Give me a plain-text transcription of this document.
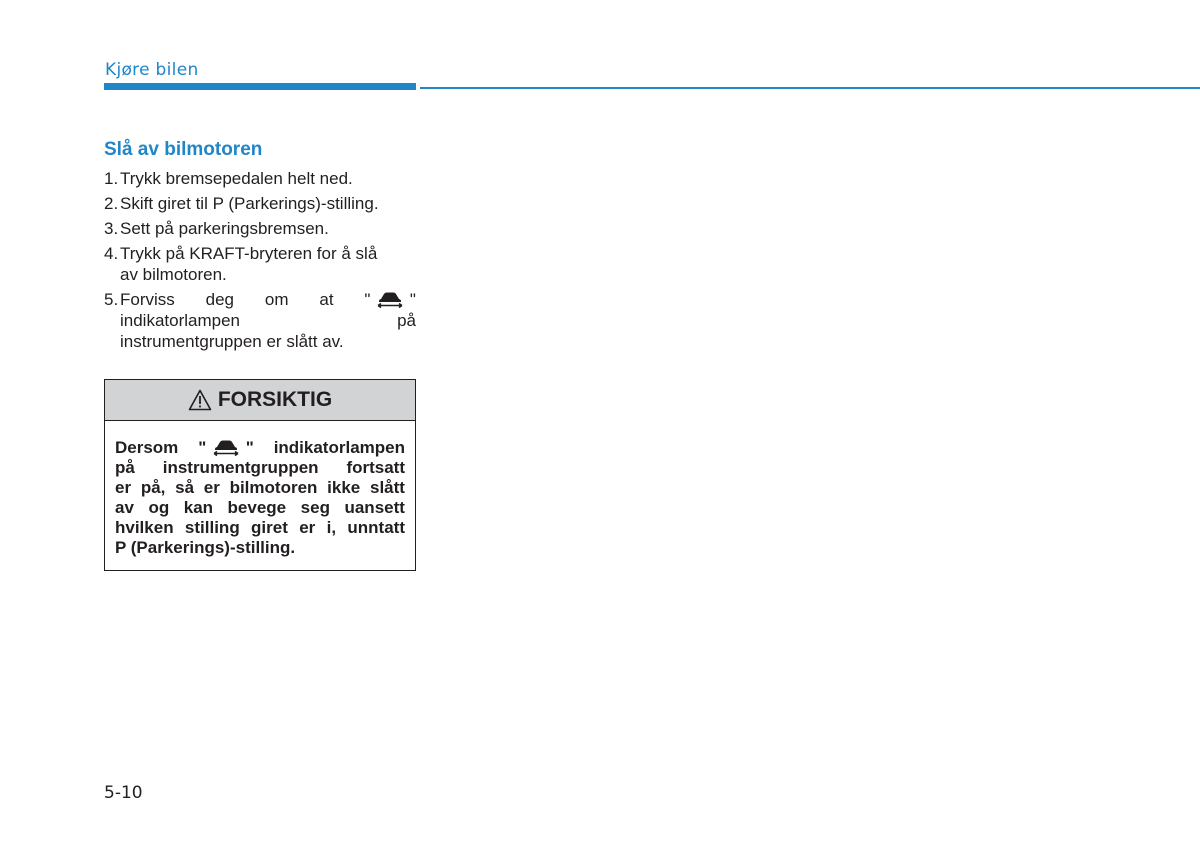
Kjøre bilen
Slå av bilmotoren
1. Trykk bremsepedalen helt ned.
2. Skift giret til P (Parkerings)-stilling.
3. Sett på parkeringsbremsen.
4. Trykk på KRAFT-bryteren for å slå
av bilmotoren.
5. Forviss deg om at " "
indikatorlampen	på
instrumentgruppen er slått av.
FORSIKTIG
Dersom " " indikatorlampen
på instrumentgruppen fortsatt
er på, så er bilmotoren ikke slått
av og kan bevege seg uansett
hvilken stilling giret er i, unntatt
P (Parkerings)-stilling.
5-10
